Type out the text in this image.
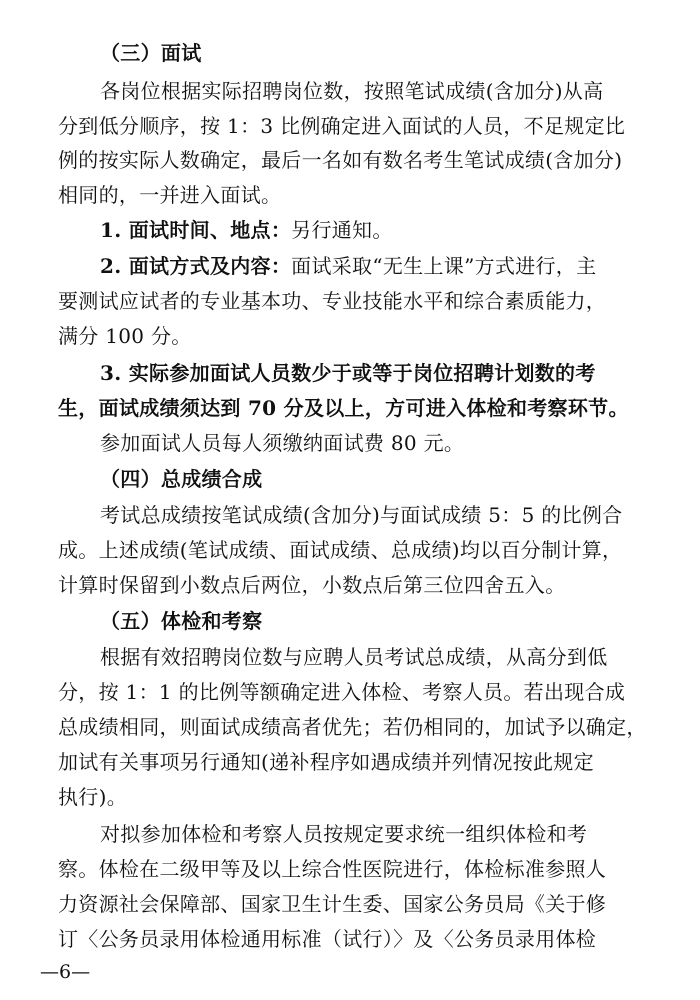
（三）面试
各岗位根据实际招聘岗位数，按照笔试成绩(含加分)从高
分到低分顺序，按 1：3 比例确定进入面试的人员，不足规定比
例的按实际人数确定，最后一名如有数名考生笔试成绩(含加分)
相同的，一并进入面试。
1. 面试时间、地点：另行通知。
2. 面试方式及内容：面试采取“无生上课”方式进行，主
要测试应试者的专业基本功、专业技能水平和综合素质能力，
满分 100 分。
3. 实际参加面试人员数少于或等于岗位招聘计划数的考
生，面试成绩须达到 70 分及以上，方可进入体检和考察环节。
参加面试人员每人须缴纳面试费 80 元。
（四）总成绩合成
考试总成绩按笔试成绩(含加分)与面试成绩 5：5 的比例合
成。上述成绩(笔试成绩、面试成绩、总成绩)均以百分制计算，
计算时保留到小数点后两位，小数点后第三位四舍五入。
（五）体检和考察
根据有效招聘岗位数与应聘人员考试总成绩，从高分到低
分，按 1：1 的比例等额确定进入体检、考察人员。若出现合成
总成绩相同，则面试成绩高者优先；若仍相同的，加试予以确定，
加试有关事项另行通知(递补程序如遇成绩并列情况按此规定
执行)。
对拟参加体检和考察人员按规定要求统一组织体检和考
察。体检在二级甲等及以上综合性医院进行，体检标准参照人
力资源社会保障部、国家卫生计生委、国家公务员局《关于修
订〈公务员录用体检通用标准（试行）〉及〈公务员录用体检
—6—
